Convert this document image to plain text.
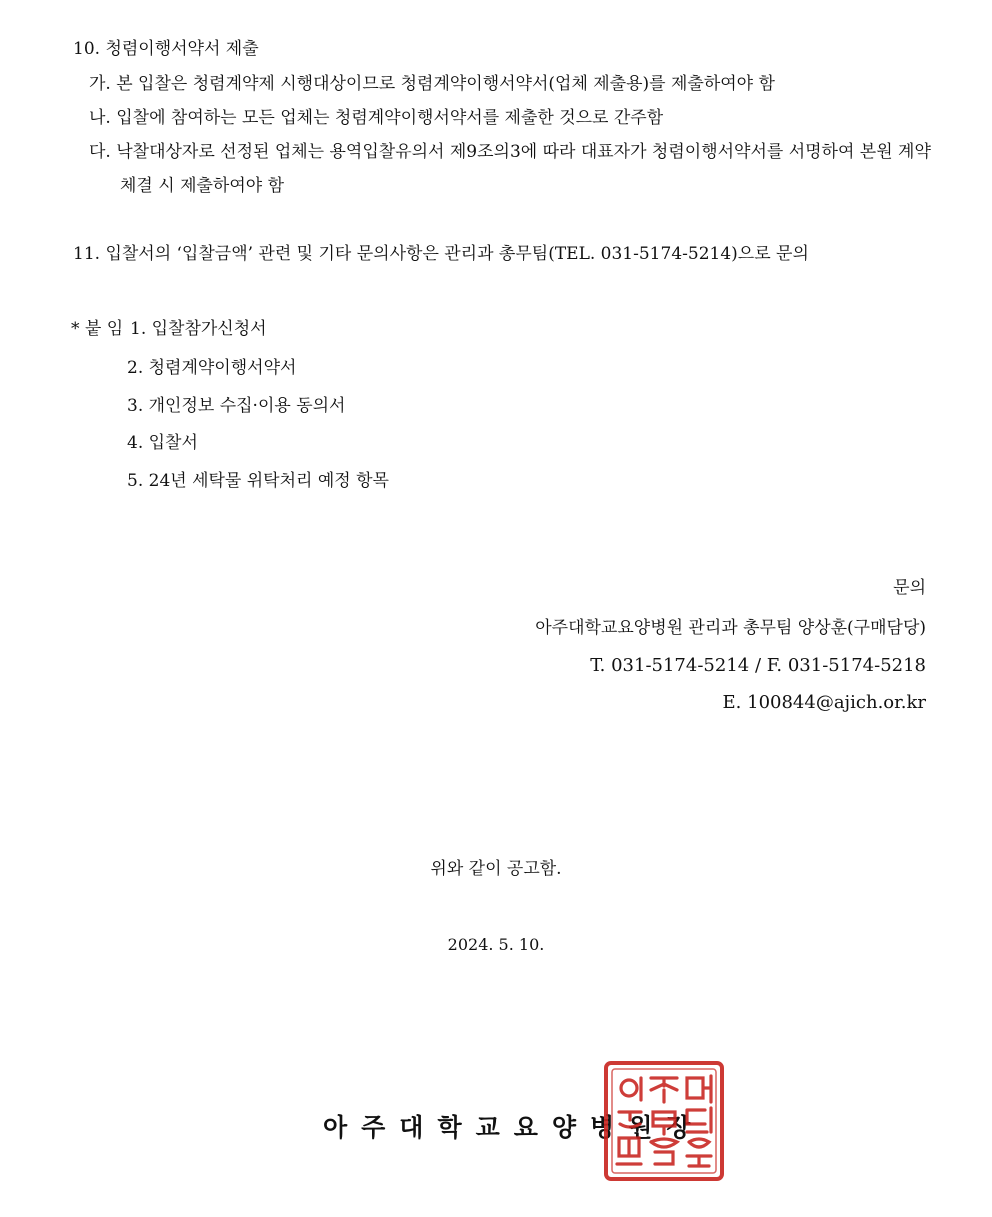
10. 청렴이행서약서 제출
가. 본 입찰은 청렴계약제 시행대상이므로 청렴계약이행서약서(업체 제출용)를 제출하여야 함
나. 입찰에 참여하는 모든 업체는 청렴계약이행서약서를 제출한 것으로 간주함
다. 낙찰대상자로 선정된 업체는 용역입찰유의서 제9조의3에 따라 대표자가 청렴이행서약서를 서명하여 본원 계약
체결 시 제출하여야 함
11. 입찰서의 ‘입찰금액’ 관련 및 기타 문의사항은 관리과 총무팀(TEL. 031-5174-5214)으로 문의
* 붙 임 1. 입찰참가신청서
2. 청렴계약이행서약서
3. 개인정보 수집·이용 동의서
4. 입찰서
5. 24년 세탁물 위탁처리 예정 항목
문의
아주대학교요양병원 관리과 총무팀 양상훈(구매담당)
T. 031-5174-5214 / F. 031-5174-5218
E. 100844@ajich.or.kr
위와 같이 공고함.
2024. 5. 10.
아주대학교요양병원장
